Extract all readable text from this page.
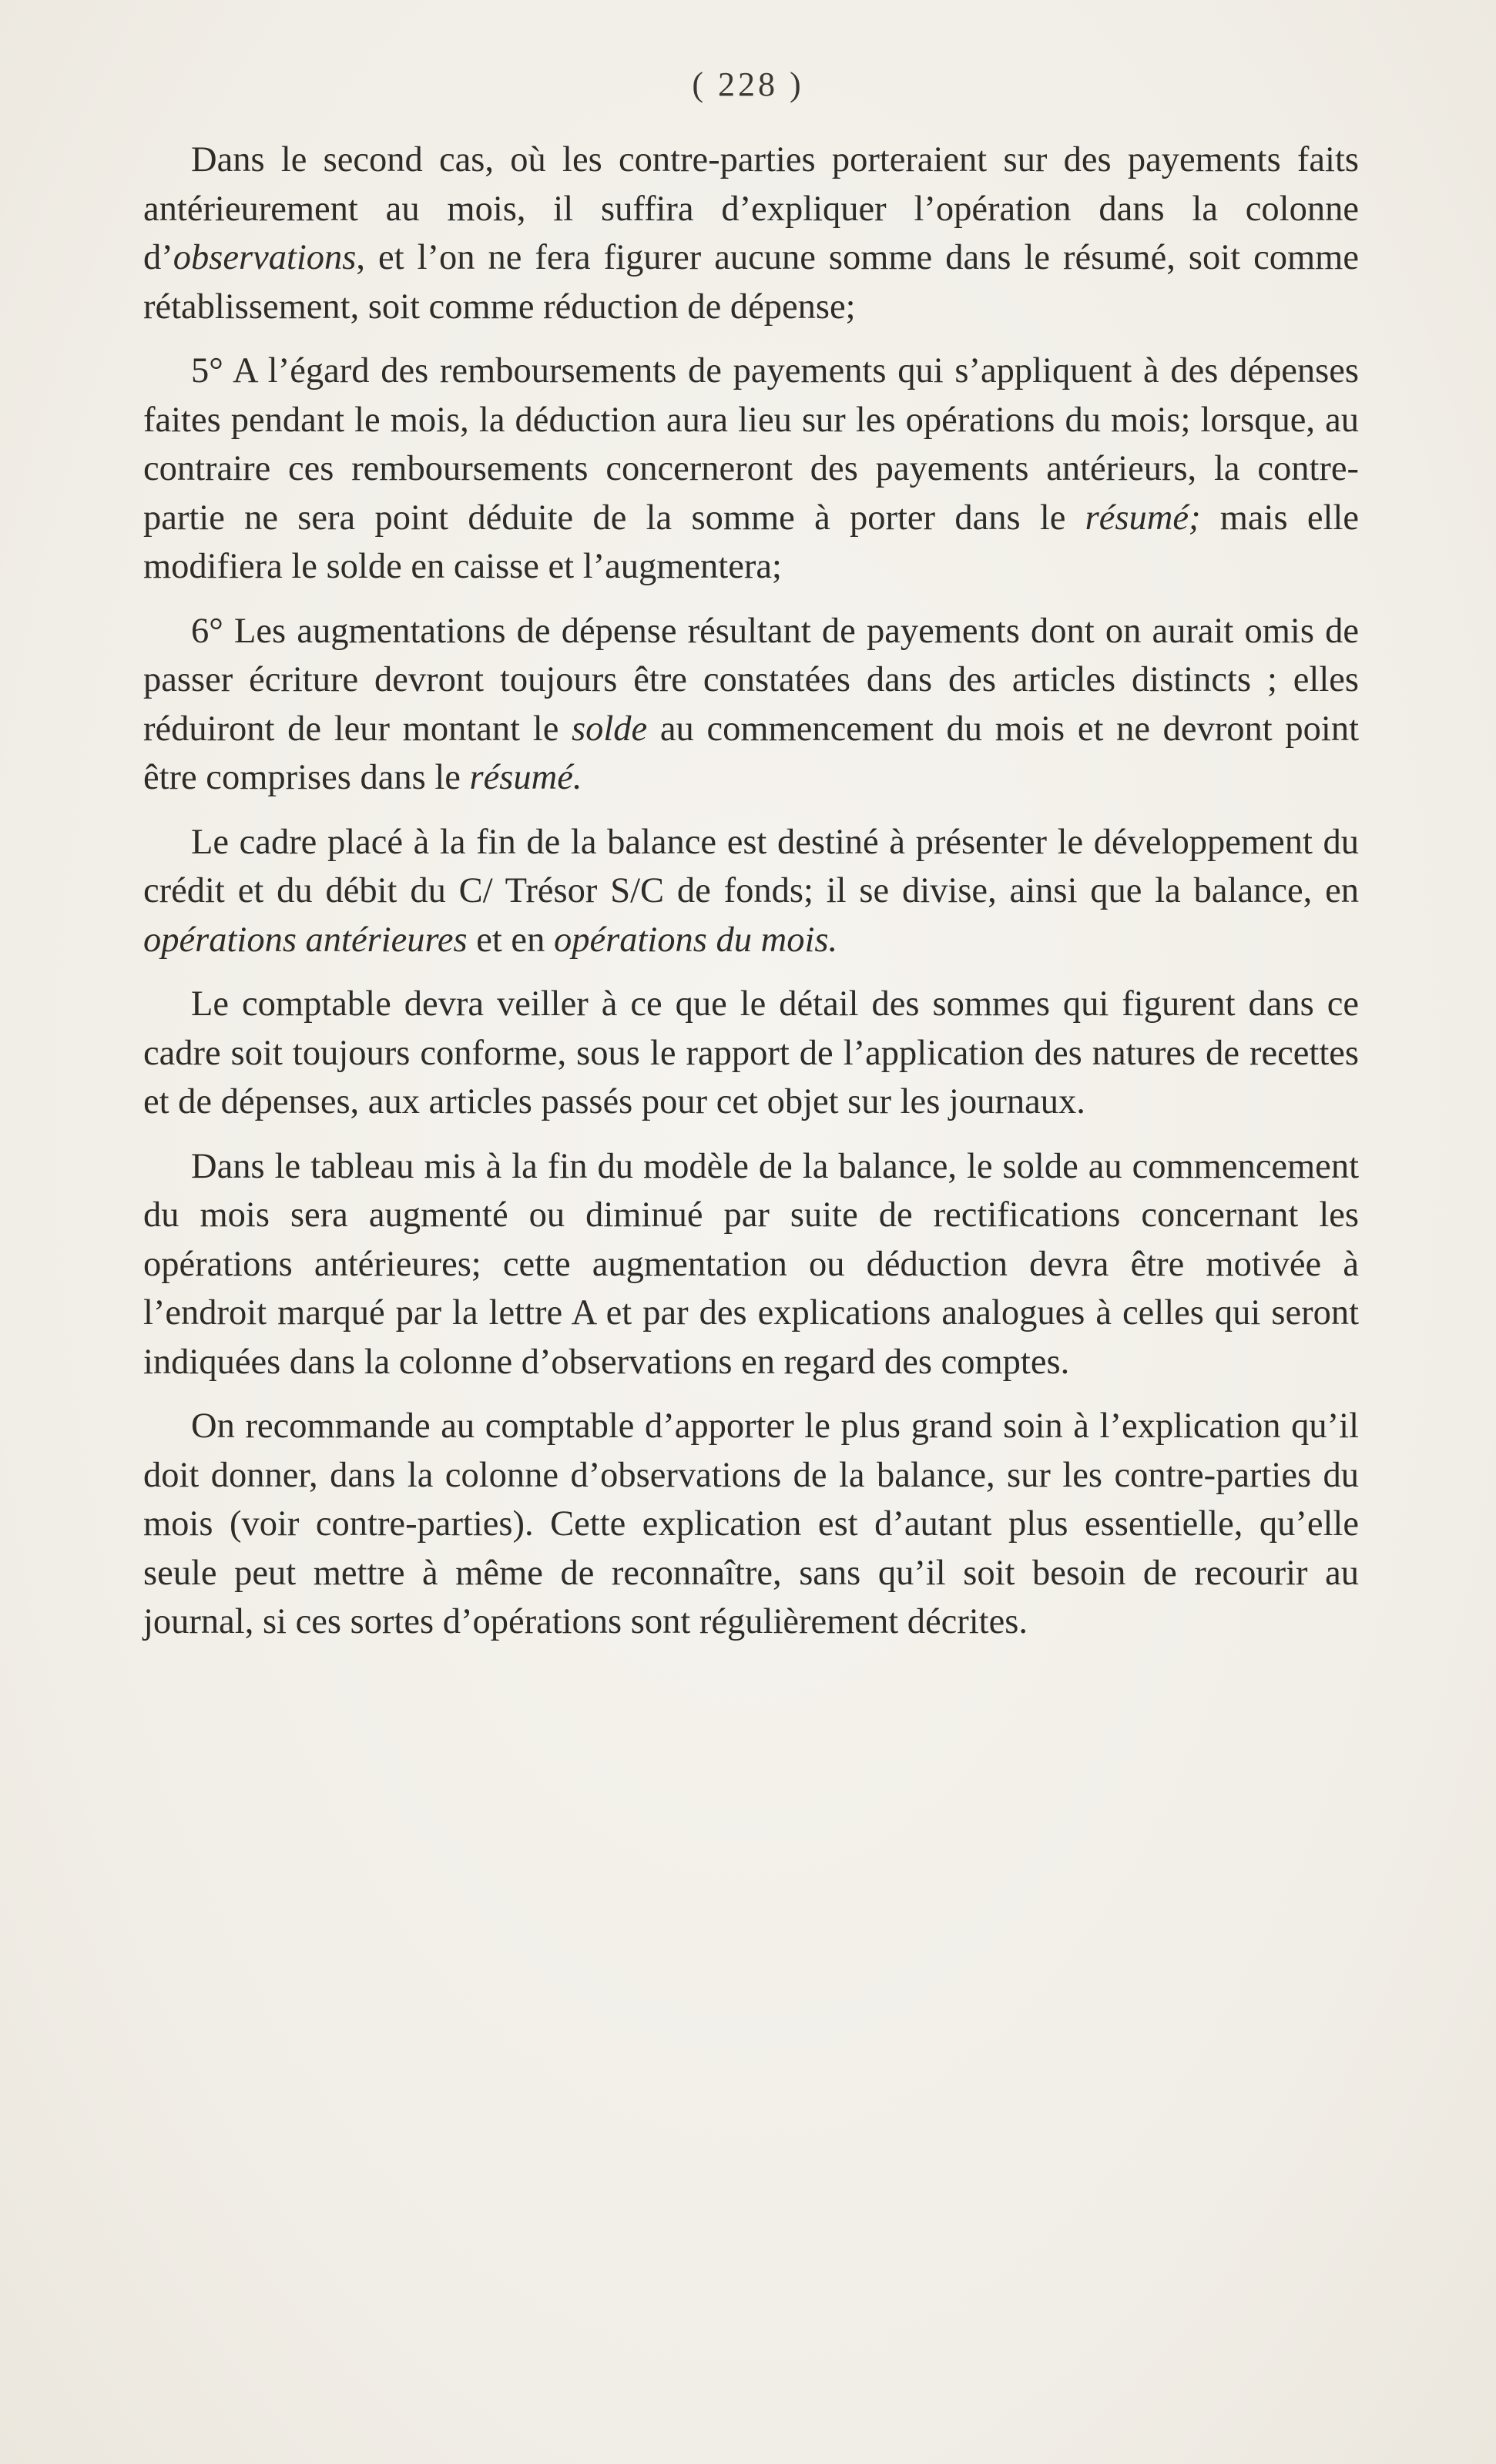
( 228 )

Dans le second cas, où les contre-parties porteraient sur des payements faits antérieurement au mois, il suffira d’expliquer l’opération dans la colonne d’observations, et l’on ne fera figurer aucune somme dans le résumé, soit comme rétablissement, soit comme réduction de dépense;

5° A l’égard des remboursements de payements qui s’appliquent à des dépenses faites pendant le mois, la déduction aura lieu sur les opérations du mois; lorsque, au contraire ces remboursements concerneront des payements antérieurs, la contre-partie ne sera point déduite de la somme à porter dans le résumé; mais elle modifiera le solde en caisse et l’augmentera;

6° Les augmentations de dépense résultant de payements dont on aurait omis de passer écriture devront toujours être constatées dans des articles distincts ; elles réduiront de leur montant le solde au commencement du mois et ne devront point être comprises dans le résumé.

Le cadre placé à la fin de la balance est destiné à présenter le développement du crédit et du débit du C/ Trésor S/C de fonds; il se divise, ainsi que la balance, en opérations antérieures et en opérations du mois.

Le comptable devra veiller à ce que le détail des sommes qui figurent dans ce cadre soit toujours conforme, sous le rapport de l’application des natures de recettes et de dépenses, aux articles passés pour cet objet sur les journaux.

Dans le tableau mis à la fin du modèle de la balance, le solde au commencement du mois sera augmenté ou diminué par suite de rectifications concernant les opérations antérieures; cette augmentation ou déduction devra être motivée à l’endroit marqué par la lettre A et par des explications analogues à celles qui seront indiquées dans la colonne d’observations en regard des comptes.

On recommande au comptable d’apporter le plus grand soin à l’explication qu’il doit donner, dans la colonne d’observations de la balance, sur les contre-parties du mois (voir contre-parties). Cette explication est d’autant plus essentielle, qu’elle seule peut mettre à même de reconnaître, sans qu’il soit besoin de recourir au journal, si ces sortes d’opérations sont régulièrement décrites.
